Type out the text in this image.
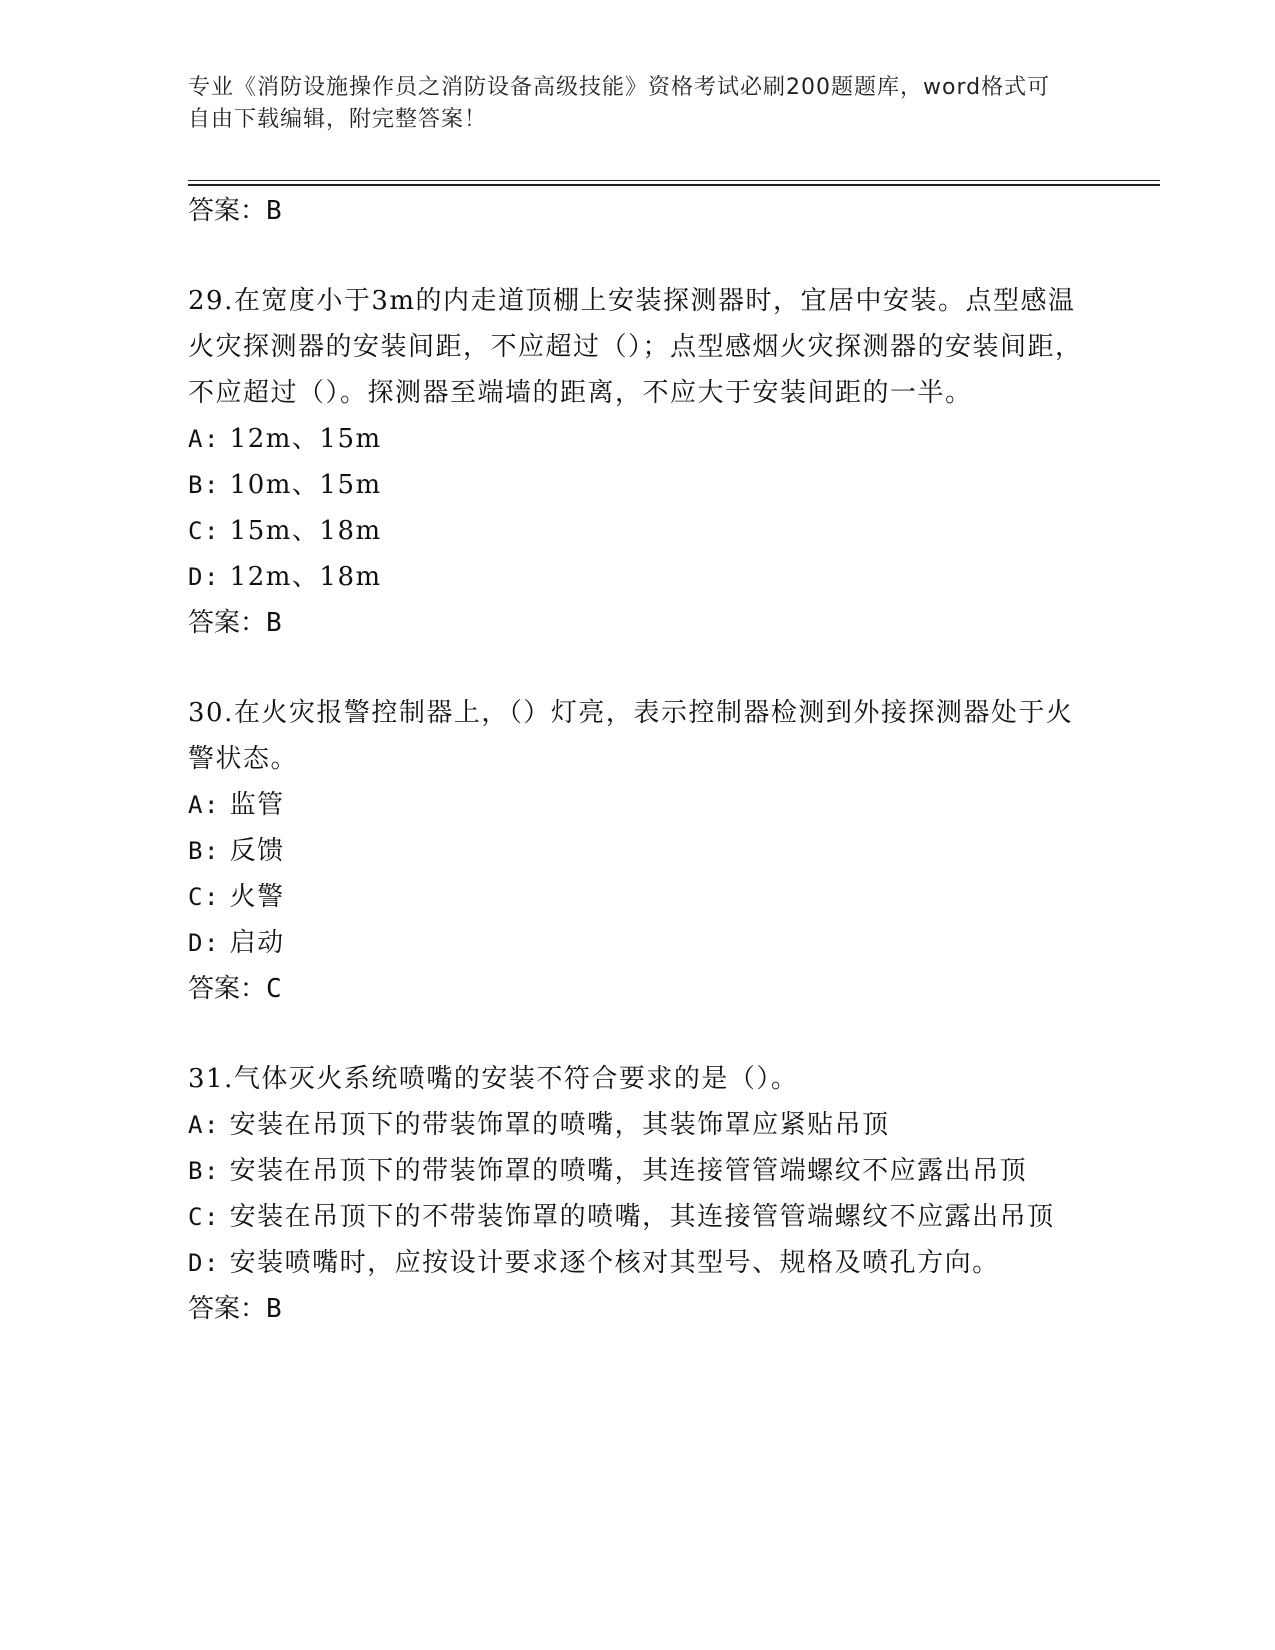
专业《消防设施操作员之消防设备高级技能》资格考试必刷200题题库，word格式可自由下载编辑，附完整答案！

答案：B

29.在宽度小于3m的内走道顶棚上安装探测器时，宜居中安装。点型感温火灾探测器的安装间距，不应超过（）；点型感烟火灾探测器的安装间距，不应超过（）。探测器至端墙的距离，不应大于安装间距的一半。

A: 12m、15m

B: 10m、15m

C: 15m、18m

D: 12m、18m

答案：B

30.在火灾报警控制器上，（）灯亮，表示控制器检测到外接探测器处于火警状态。

A: 监管

B: 反馈

C: 火警

D: 启动

答案：C

31.气体灭火系统喷嘴的安装不符合要求的是（）。

A: 安装在吊顶下的带装饰罩的喷嘴，其装饰罩应紧贴吊顶

B: 安装在吊顶下的带装饰罩的喷嘴，其连接管管端螺纹不应露出吊顶

C: 安装在吊顶下的不带装饰罩的喷嘴，其连接管管端螺纹不应露出吊顶

D: 安装喷嘴时，应按设计要求逐个核对其型号、规格及喷孔方向。

答案：B
